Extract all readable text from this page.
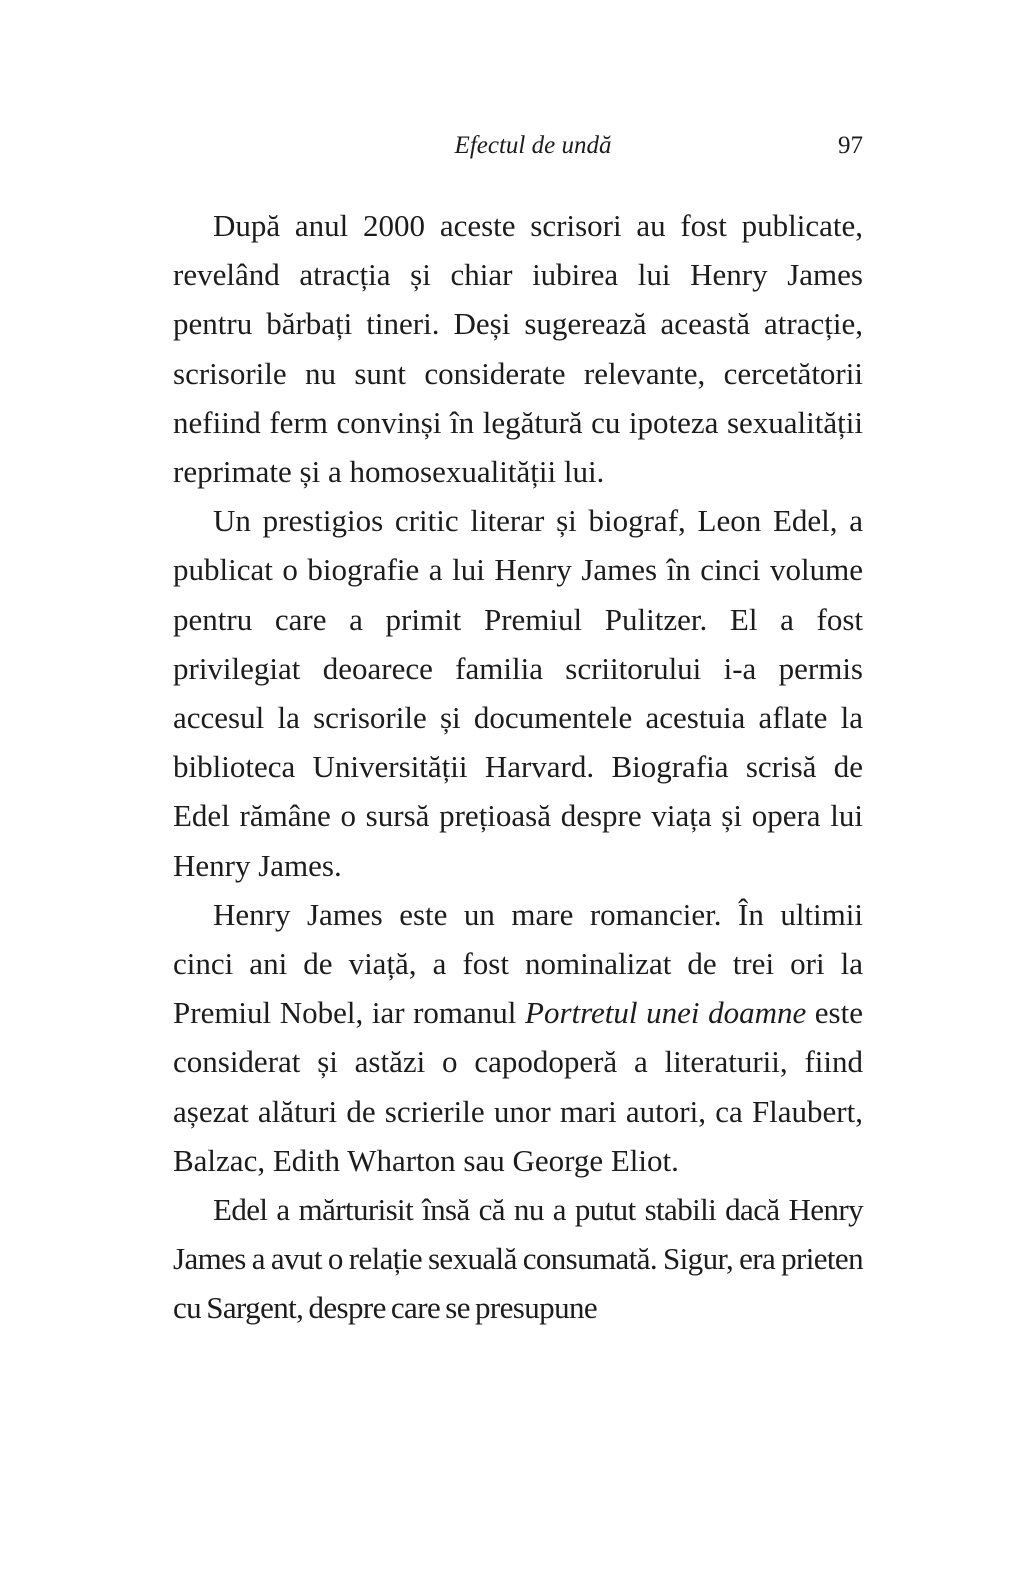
Efectul de undă	97

După anul 2000 aceste scrisori au fost publicate, revelând atracția și chiar iubirea lui Henry James pentru bărbați tineri. Deși sugerează această atracție, scrisorile nu sunt considerate relevante, cercetătorii nefiind ferm convinși în legătură cu ipoteza sexualității reprimate și a homosexualității lui.

Un prestigios critic literar și biograf, Leon Edel, a publicat o biografie a lui Henry James în cinci volume pentru care a primit Premiul Pulitzer. El a fost privilegiat deoarece familia scriitorului i-a permis accesul la scrisorile și documentele acestuia aflate la biblioteca Universității Harvard. Biografia scrisă de Edel rămâne o sursă prețioasă despre viața și opera lui Henry James.

Henry James este un mare romancier. În ultimii cinci ani de viață, a fost nominalizat de trei ori la Premiul Nobel, iar romanul Portretul unei doamne este considerat și astăzi o capodoperă a literaturii, fiind așezat alături de scrierile unor mari autori, ca Flaubert, Balzac, Edith Wharton sau George Eliot.

Edel a mărturisit însă că nu a putut stabili dacă Henry James a avut o relație sexuală consumată. Sigur, era prieten cu Sargent, despre care se presupune
